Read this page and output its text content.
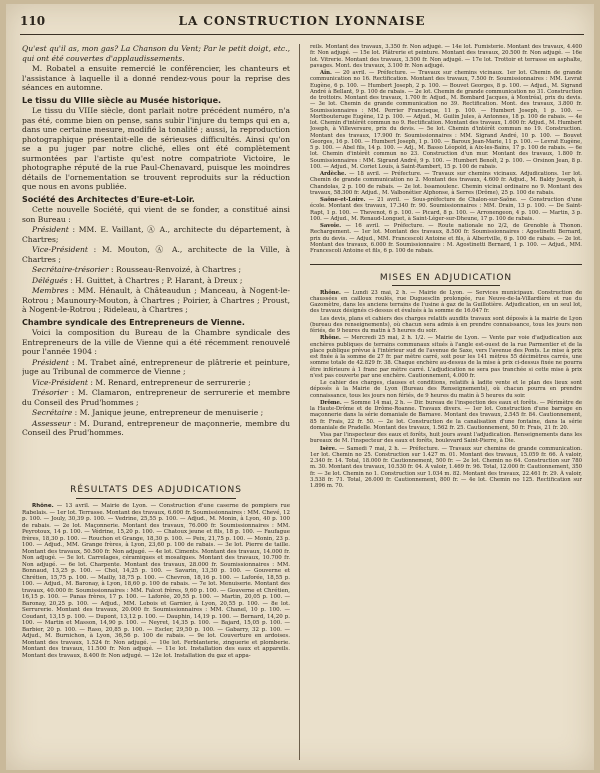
110	LA CONSTRUCTION LYONNAISE

Qu'est qu'il as, mon gas? La Chanson du Vent; Par le petit doigt, etc., qui ont été couvertes d'applaudissements.

M. Robatel a ensuite remercié le conférencier, les chanteurs et l'assistance à laquelle il a donné rendez-vous pour la reprise des séances en automne.

Le tissu du VIIIe siècle au Musée historique.

Le tissu du VIIIe siècle, dont parlait notre précédent numéro, n'a pas été, comme bien on pense, sans subir l'injure du temps qui en a, dans une certaine mesure, modifié la tonalité ; aussi, la reproduction photographique présentait-elle de sérieuses difficultés. Ainsi qu'on se a pu juger par notre cliché, elles ont été complètement surmontées par l'artiste qu'est notre compatriote Victoire, le photographe réputé de la rue Paul-Chenavard, puisque les moindres détails de l'ornementation se trouvent reproduits sur la réduction que nous en avons publiée.

Société des Architectes d'Eure-et-Loir.

Cette nouvelle Société, qui vient de se fonder, a constitué ainsi son Bureau :

Président : MM. E. Vaillant, Ⓐ A., architecte du département, à Chartres;

Vice-Président : M. Mouton, Ⓐ A., architecte de la Ville, à Chartres ;

Secrétaire-trésorier : Rousseau-Renvoizé, à Chartres ;

Délégués : H. Guittet, à Chartres ; P. Harant, à Dreux ;

Membres : MM. Hénault, à Châteaudun ; Manceau, à Nogent-le-Rotrou ; Maunoury-Mouton, à Chartres ; Poirier, à Chartres ; Proust, à Nogent-le-Rotrou ; Rideleau, à Chartres ;

Chambre syndicale des Entrepreneurs de Vienne.

Voici la composition du Bureau de la Chambre syndicale des Entrepreneurs de la ville de Vienne qui a été récemment renouvelé pour l'année 1904 :

Président : M. Trabet aîné, entrepreneur de plâtrerie et peinture, juge au Tribunal de commerce de Vienne ;

Vice-Président : M. Renard, entrepreneur de serrurerie ;

Trésorier : M. Clamaron, entrepreneur de serrurerie et membre du Conseil des Prud'hommes ;

Secrétaire : M. Janique jeune, entrepreneur de menuiserie ;

Assesseur : M. Durand, entrepreneur de maçonnerie, membre du Conseil des Prud'hommes.

RÉSULTATS DES ADJUDICATIONS

Rhône. — 13 avril. — Mairie de Lyon. — Construction d'une caserne de pompiers rue Rabelais. — 1er lot. Terrasse. Montant des travaux, 6.600 fr. Soumissionnaires : MM. Chevé, 12 p. 100. — Jouly, 30,39 p. 100. — Vedrine, 25,55 p. 100. — Adjud., M. Monin, à Lyon, 40 p. 100 de rabais. — 2e lot. Maçonnerie. Montant des travaux, 76.000 fr. Soumissionnaires : MM. Peyrotoux, 14 p. 100. — Védrine, 15,20 p. 100. — Chatoux jeune et fils, 18 p. 100. — Faufague frères, 18,30 p. 100. — Rouchon et Grange, 18,30 p. 100. — Peix, 21,75 p. 100. — Monin, 23 p. 100. — Adjud., MM. Grange frères, à Lyon, 23,60 p. 100 de rabais. — 3e lot. Pierre de taille. Montant des travaux, 50.500 fr. Non adjugé. — 4e lot. Ciments. Montant des travaux, 14.000 fr. Non adjugé. — 5e lot. Carrelages, céramiques et mosaïques. Montant des travaux, 10.700 fr. Non adjugé. — 6e lot. Charpente. Montant des travaux, 28.000 fr. Soumissionnaires : MM. Bonnaud, 13,25 p. 100. — Chol, 14,25 p. 100. — Savarin, 13,30 p. 100. — Gouverne et Chrétien, 15,75 p. 100. — Mailly, 18,75 p. 100. — Chevron, 18,16 p. 100. — Laforée, 18,55 p. 100. — Adjud., M. Baronay, à Lyon, 18,60 p. 100 de rabais. — 7e lot. Menuiserie. Montant des travaux, 40.000 fr. Soumissionnaires : MM. Falcot frères, 9,60 p. 100. — Gouverne et Chrétien, 16,15 p. 100. — Panas frères, 17 p. 100. — Laforée, 20,55 p. 100. — Martin, 20,05 p. 100. — Baronay, 20,25 p. 100. — Adjud., MM. Lebois et Garnier, à Lyon, 20,55 p. 100. — 8e lot. Serrurerie. Montant des travaux, 20.000 fr. Soumissionnaires : MM. Chanel, 10 p. 100. — Coudant, 13,15 p. 100. — Dupont, 13,12 p. 100. — Dauphin, 14,19 p. 100. — Bernard, 14,20 p. 100. — Martin et Masson, 14,90 p. 100. — Neyret, 14,35 p. 100. — Bajard, 15,05 p. 100. — Barbier, 20 p. 100. — Raso, 20,85 p. 100. — Escler, 29,50 p. 100. — Gabarry, 32 p. 100. — Adjud., M. Burnichon, à Lyon, 36,56 p. 100 de rabais. — 9e lot. Couverture en ardoises. Montant des travaux, 1.524 fr. Non adjugé. — 10e lot. Ferblanterie, zinguerie et plomberie. Montant des travaux, 11.500 fr. Non adjugé. — 11e lot. Installation des eaux et appareils. Montant des travaux, 8.400 fr. Non adjugé. — 12e lot. Installation du gaz et appa-

reils. Montant des travaux, 3.350 fr. Non adjugé. — 14e lot. Fumisterie. Montant des travaux, 4.400 fr. Non adjugé. — 15e lot. Plâtrerie et peinture. Montant des travaux, 20.500 fr. Non adjugé. — 16e lot. Vitrerie. Montant des travaux, 3.500 fr. Non adjugé. — 17e lot. Trottoir et terrasse en asphalte, pavages. Mont. des travaux, 3.100 fr. Non adjugé.

Ain. — 20 avril. — Préfecture. — Travaux sur chemins vicinaux. 1er lot. Chemin de grande communication no 16. Rectification. Montant des travaux, 7.500 fr. Soumissionnaires : MM. Levrat Eugène, 6 p. 100. — Humbert Joseph, 2 p. 100. — Bouvet Georges, 8 p. 100. — Adjud., M. Sigrand André à Bellant, 9 p. 100 de rabais. — 2e lot. Chemin de grande communication no 31. Construction de trottoirs. Montant des travaux, 1.700 fr. Adjud., M. Bombard Jacques, à Montréal, prix du devis. — 3e lot. Chemin de grande communication no 39. Rectification. Mont. des travaux, 3.800 fr. Soumissionnaires : MM. Perrier Francisque, 11 p. 100. — Humbert Joseph, 1 p. 100. — Mortbouteruge Eugène, 12 p. 100. — Adjud., M. Guilin Jules, à Antonnes, 18 p. 100 de rabais. — 4e lot. Chemin d'intérêt commun no 9. Rectification. Montant des travaux, 1.600 fr. Adjud., M. Humbert Joseph, à Villeversure, prix du devis. — 5e lot. Chemin d'intérêt commun no 19. Construction. Montant des travaux, 17.900 fr. Soumissionnaires : MM. Sigrand André, 10 p. 100. — Bouvet Georges, 16 p. 100. — Humbert Joseph, 1 p. 100. — Baroux Jean-Marie, 11 p. 100. — Levrat Eugène, 5 p. 100. — Abel fils, 14 p. 100. — Adj., M. Basso Léopold, à Aix-les-Bains, 17 p. 100 de rabais. — 6e lot. Chemin d'intérêt commun no 23. Construction d'un mur. Montant des travaux, 1.800 fr. Soumissionnaires : MM. Sigrand André, 9 p. 100. — Humbert Benoît, 2 p. 100. — Orsinon Jean, 8 p. 100. — Adjud., M. Coriet Louis, à Saint-Rambert, 15 p. 100 de rabais.

Ardèche. — 18 avril. — Préfecture. — Travaux sur chemins vicinaux. Adjudications. 1er lot. Chemin de grande communication no 2. Montant des travaux, 4.600 fr. Adjud., M. Baldy Joseph, à Chandolas, 2 p. 100 de rabais. — 2e lot. Issamoulenc. Chemin vicinal ordinaire no 9. Montant des travaux, 58.300 fr. Adjud., M. Valbonétier Alphonse, à Serres (Drôme), 25 p. 100 de rabais.

Saône-et-Loire. — 21 avril. — Sous-préfecture de Chalon-sur-Saône. — Construction d'une école. Montant des travaux, 17.340 fr. 90. Soumissionnaires : MM. Drain, 13 p. 100. — De Saint-Rapt, 1 p. 100. — Thevenot, 6 p. 100. — Picard, 8 p. 100. — Arronengeon, 4 p. 100. — Martin, 3 p. 100. — Adjud., M. Renaud-Longuet, à Saint-Léger-sur-Dheune, 17 p. 100 de rabais.

Savoie. — 16 avril. — Préfecture. — Route nationale no 2/2, de Grenoble à Thonon. Rechargement. — 1er lot. Montant des travaux, 8.500 fr. Soumissionnaires : Agostinetti Bernard, prix du devis. — Adjud., MM. Francescoli Antoine et fils, à Albertville, 6 p. 100 de rabais. — 2e lot. Montant des travaux, 6.000 fr. Soumissionnaire : M. Agostinetti Bernard, 1 p. 100. — Adjud., MM. Francescoli Antoine et fils, 6 p. 100 de rabais.

MISES EN ADJUDICATION

Rhône. — Lundi 23 mai, 2 h. — Mairie de Lyon. — Services municipaux. Construction de chaussées en cailloux roulés, rue Duguesclin prolongée, rue Neuve-de-la-Villardière et rue du Gazomètre, dans les anciens terrains de l'usine à gaz de la Guillotière. Adjudication, en un seul lot, des travaux désignés ci-dessus et évalués à la somme de 16.047 fr.

Les devis, plans et cahiers des charges relatifs auxdits travaux sont déposés à la mairie de Lyon (bureau des renseignements), où chacun sera admis à en prendre connaissance, tous les jours non fériés, de 9 heures du matin à 5 heures du soir.

Rhône. — Mercredi 25 mai, 2 h. 1/2. — Mairie de Lyon. — Vente par voie d'adjudication aux enchères publiques de terrains communaux situés à l'angle est-ouest de la rue Parmentier et de la place publique prévue à l'intérieur sud de l'avenue de Saxe, vers l'avenue des Ponts. Le mise à prix est fixée à la somme de 27 fr. par mètre carré, soit pour les 141 mètres 55 décimètres carrés, une somme totale de 42.829 fr. 38. Chaque enchère au-dessus de la mise à prix ci-dessus fixée ne pourra être inférieure à 1 franc par mètre carré. L'adjudication ne sera pas tranchée si cette mise à prix n'est pas couverte par une enchère. Cautionnement, 4.000 fr.

Le cahier des charges, clauses et conditions, relatifs à ladite vente et le plan des lieux sont déposés à la Mairie de Lyon (Bureau des Renseignements), où chacun pourra en prendre connaissance, tous les jours non fériés, de 9 heures du matin à 5 heures du soir.

Drôme. — Somme 14 mai, 2 h. — Dir. bureau de l'inspection des eaux et forêts. — Périmètre de la Haute-Drôme et de Drôme-Roanne. Travaux divers. — 1er lot. Construction d'une barrage en maçonnerie dans la série domaniale de Barnave. Montant des travaux, 2.545 fr. 84. Cautionnement, 85 fr. Frais, 22 fr. 50. — 2e lot. Construction de la canalisation d'une fontaine, dans la série domaniale de Pradelle. Montant des travaux, 1.562 fr. 25. Cautionnement, 50 fr. Frais, 21 fr. 20.

Visa par l'inspecteur des eaux et forêts, huit jours avant l'adjudication. Renseignements dans les bureaux de M. l'inspecteur des eaux et forêts, boulevard Saint-Pierre, à Die.

Isère. — Samedi 7 mai, 2 h. — Préfecture. — Travaux sur chemins de grande communication. 1er lot. Chemin no 25. Construction sur 1.427 m. 01. Montant des travaux, 15.059 fr. 66. À valoir, 2.340 fr. 14. Total, 18.000 fr. Cautionnement, 500 fr. — 2e lot. Chemin no 64. Construction sur 780 m. 30. Montant des travaux, 10.530 fr. 04. À valoir, 1.469 fr. 96. Total, 12.000 fr. Cautionnement, 350 fr. — 3e lot. Chemin no 1. Construction sur 1.034 m. 82. Montant des travaux, 22.461 fr. 29. À valoir, 3.538 fr. 71. Total, 26.000 fr. Cautionnement, 800 fr. — 4e lot. Chemin no 125. Rectification sur 1.896 m. 70.
